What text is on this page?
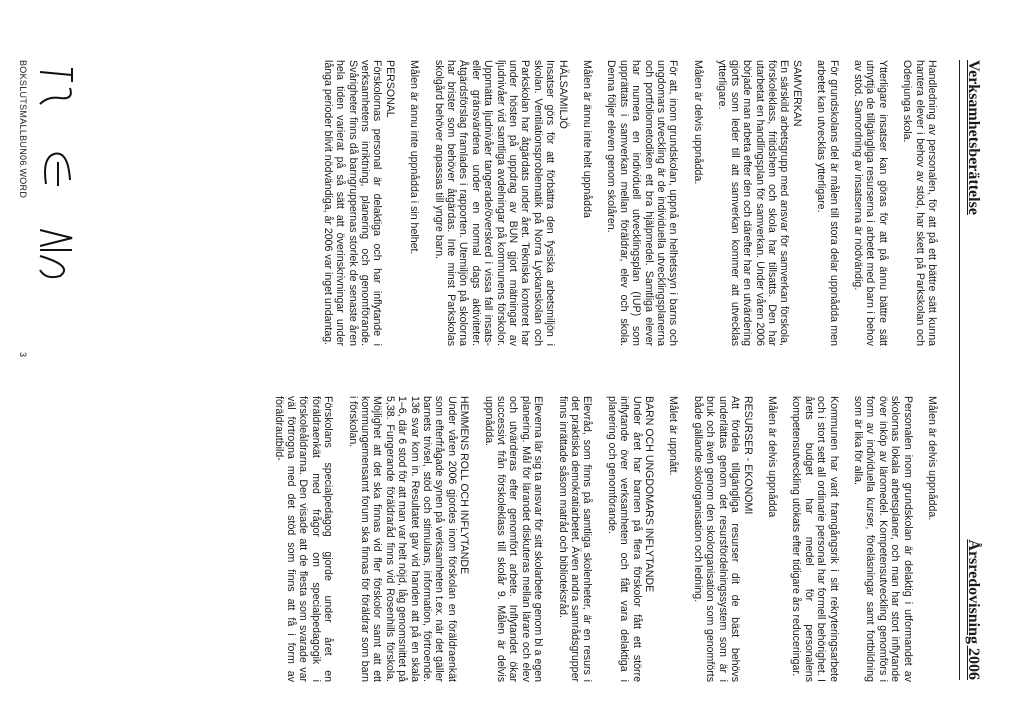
Verksamhetsberättelse
Årsredovisning 2006

Handledning av personalen, för att på ett bättre sätt kunna hantera elever i behov av stöd, har skett på Parkskolan och Odenjunga skola.

Ytterligare insatser kan göras för att på ännu bättre sätt utnyttja de tillgängliga resurserna i arbetet med barn i behov av stöd. Samordning av insatserna är nödvändig.

För grundskolans del är målen till stora delar uppnådda men arbetet kan utvecklas ytterligare.

SAMVERKAN

En särskild arbetsgrupp med ansvar för samverkan förskola, förskoleklass, fritidshem och skola har tillsatts. Den har utarbetat en handlingsplan för samverkan. Under våren 2006 började man arbeta efter den och därefter har en utvärdering gjorts som leder till att samverkan kommer att utvecklas ytterligare.

Målen är delvis uppnådda.

För att, inom grundskolan, uppnå en helhetssyn i barns och ungdomars utveckling är de individuella utvecklingsplanerna och portfoliometodiken ett bra hjälpmedel. Samtliga elever har numera en individuell utvecklingsplan (IUP) som upprättats i samverkan mellan föräldrar, elev och skola. Denna följer eleven genom skolåren.

Målen är ännu inte helt uppnådda

HÄLSA/MILJÖ

Insatser görs för att förbättra den fysiska arbetsmiljön i skolan. Ventilationsproblematik på Norra Lyckanskolan och Parkskolan har åtgärdats under året. Tekniska kontoret har under hösten på uppdrag av BUN gjort mätningar av ljudnivåer vid samtliga avdelningar på kommunens förskolor. Uppmätta ljudnivåer tangerade/överskred i vissa fall insats- eller gränsvärdena under en normal dags aktiviteter. Åtgärdsförslag framlades i rapporten. Utemiljön på skolorna har brister som behöver åtgärdas. Inte minst Parkskolas skolgård behöver anpassas till yngre barn.

Målen är ännu inte uppnådda i sin helhet.

PERSONAL

Förskolornas personal är delaktiga och har inflytande i verksamhetens inriktning, planering och genomförande. Svårigheter finns då barngruppernas storlek de senaste åren hela tiden varierat på så sätt att överinskrivningar under långa perioder blivit nödvändiga, år 2006 var inget undantag.

Målen är delvis uppnådda.

Personalen inom grundskolan är delaktig i utformandet av skolornas lokala arbetsplaner, och man har stort inflytande över inköp av läromedel. Kompetensutveckling genomförs i form av individuella kurser, föreläsningar samt fortbildning som är lika för alla.

Kommunen har varit framgångsrik i sitt rekryteringsarbete och i stort sett all ordinarie personal har formell behörighet. I årets budget har medel för personalens kompetensutveckling utökats efter tidigare års reduceringar.

Målen är delvis uppnådda

RESURSER - EKONOMI

Att fördela tillgängliga resurser dit de bäst behövs underlättas genom det resursfördelningssystem som är i bruk och även genom den skolorganisation som genomförts både gällande skolorganisation och ledning.

Målet är uppnått.

BARN OCH UNGDOMARS INFLYTANDE

Under året har barnen på flera förskolor fått ett större inflytande över verksamheten och fått vara delaktiga i planering och genomförande.

Elevråd, som finns på samtliga skolenheter, är en resurs i det praktiska demokratiarbetet. Även andra samrådsgrupper finns inrättade såsom matråd och biblioteksråd.

Eleverna lär sig ta ansvar för sitt skolarbete genom bl a egen planering. Mål för lärandet diskuteras mellan lärare och elev och utvärderas efter genomfört arbete. Inflytandet ökar successivt från förskoleklass till skolår 9. Målen är delvis uppnådda.

HEMMENS ROLL OCH INFLYTANDE

Under våren 2006 gjordes inom förskolan en föräldraenkät som efterfrågade synen på verksamheten t.ex. när det gäller barnets trivsel, stöd och stimulans, information, förtroende. 136 svar kom in. Resultatet gav vid handen att på en skala 1–6, där 6 stod för att man var helt nöjd, låg genomsnittet på 5,38. Fungerande föräldraråd finns vid Rosenhills förskola. Möjlighet att det ska finnas vid fler förskolor samt att ett kommungemensamt forum ska finnas för föräldrar som barn i förskolan.

Förskolans specialpedagog gjorde under året en föräldraenkät med frågor om specialpedagogik i förskoleåldrarna. Den visade att de flesta som svarade var väl förtrogna med det stöd som finns att få i form av föräldrautbild-

BOKSLUTSMALLBUN06.WORD
3
